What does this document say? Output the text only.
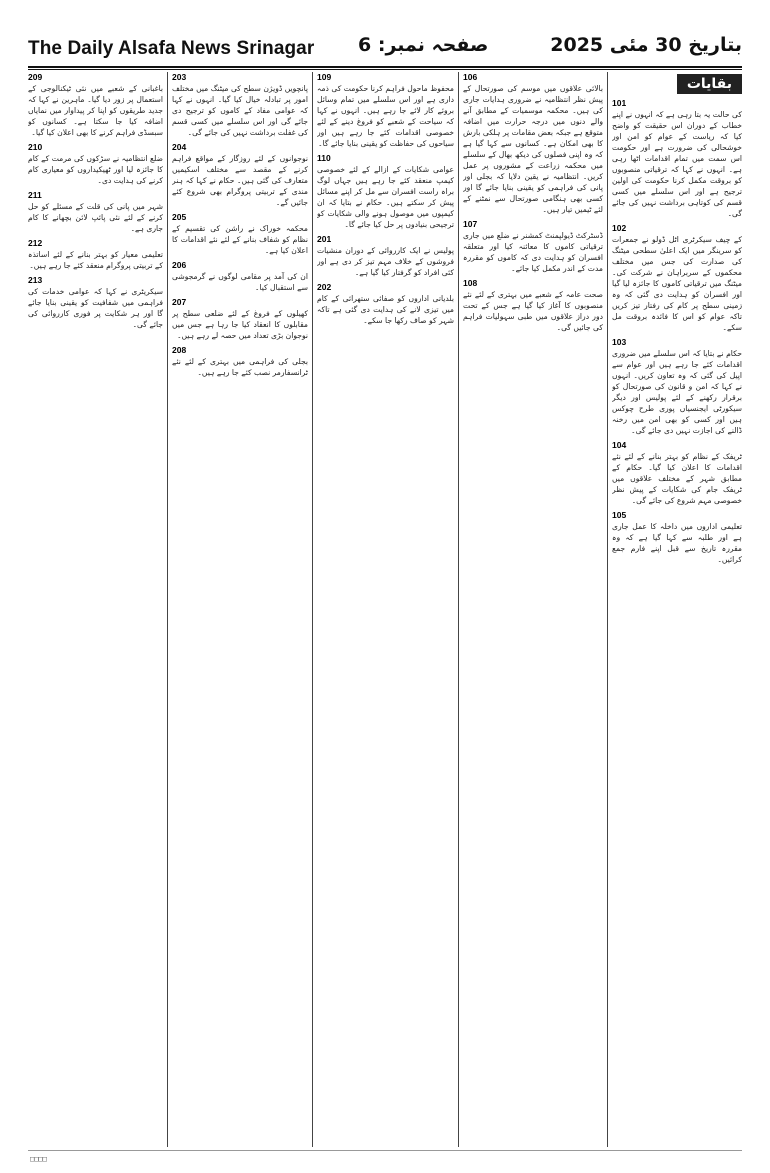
The Daily Alsafa News Srinagar صفحہ نمبر: 6	بتاریخ 30 مئی 2025
بقایات
101
کی حالت یہ بتا رہی ہے کہ انہوں نے اپنے خطاب کے دوران اس حقیقت کو واضح کیا کہ ریاست کے عوام کو امن اور خوشحالی کی ضرورت ہے اور حکومت اس سمت میں تمام اقدامات اٹھا رہی ہے۔ انہوں نے کہا کہ ترقیاتی منصوبوں کو بروقت مکمل کرنا حکومت کی اولین ترجیح ہے اور اس سلسلے میں کسی قسم کی کوتاہی برداشت نہیں کی جائے گی۔
102
کے چیف سیکرٹری اٹل ڈولو نے جمعرات کو سرینگر میں ایک اعلیٰ سطحی میٹنگ کی صدارت کی جس میں مختلف محکموں کے سربراہان نے شرکت کی۔ میٹنگ میں ترقیاتی کاموں کا جائزہ لیا گیا اور افسران کو ہدایت دی گئی کہ وہ زمینی سطح پر کام کی رفتار تیز کریں تاکہ عوام کو اس کا فائدہ بروقت مل سکے۔
103
حکام نے بتایا کہ اس سلسلے میں ضروری اقدامات کئے جا رہے ہیں اور عوام سے اپیل کی گئی کہ وہ تعاون کریں۔ انہوں نے کہا کہ امن و قانون کی صورتحال کو برقرار رکھنے کے لئے پولیس اور دیگر سیکورٹی ایجنسیاں پوری طرح چوکس ہیں اور کسی کو بھی امن میں رخنہ ڈالنے کی اجازت نہیں دی جائے گی۔
104
ٹریفک کے نظام کو بہتر بنانے کے لئے نئے اقدامات کا اعلان کیا گیا۔ حکام کے مطابق شہر کے مختلف علاقوں میں ٹریفک جام کی شکایات کے پیش نظر خصوصی مہم شروع کی جائے گی۔
105
تعلیمی اداروں میں داخلہ کا عمل جاری ہے اور طلبہ سے کہا گیا ہے کہ وہ مقررہ تاریخ سے قبل اپنے فارم جمع کرائیں۔
106
بالائی علاقوں میں موسم کی صورتحال کے پیش نظر انتظامیہ نے ضروری ہدایات جاری کی ہیں۔ محکمہ موسمیات کے مطابق آنے والے دنوں میں درجہ حرارت میں اضافہ متوقع ہے جبکہ بعض مقامات پر ہلکی بارش کا بھی امکان ہے۔ کسانوں سے کہا گیا ہے کہ وہ اپنی فصلوں کی دیکھ بھال کے سلسلے میں محکمہ زراعت کے مشوروں پر عمل کریں۔ انتظامیہ نے یقین دلایا کہ بجلی اور پانی کی فراہمی کو یقینی بنایا جائے گا اور کسی بھی ہنگامی صورتحال سے نمٹنے کے لئے ٹیمیں تیار ہیں۔
107
ڈسٹرکٹ ڈیولپمنٹ کمشنر نے ضلع میں جاری ترقیاتی کاموں کا معائنہ کیا اور متعلقہ افسران کو ہدایت دی کہ کاموں کو مقررہ مدت کے اندر مکمل کیا جائے۔
108
صحت عامہ کے شعبے میں بہتری کے لئے نئے منصوبوں کا آغاز کیا گیا ہے جس کے تحت دور دراز علاقوں میں طبی سہولیات فراہم کی جائیں گی۔
109
محفوظ ماحول فراہم کرنا حکومت کی ذمہ داری ہے اور اس سلسلے میں تمام وسائل بروئے کار لائے جا رہے ہیں۔ انہوں نے کہا کہ سیاحت کے شعبے کو فروغ دینے کے لئے خصوصی اقدامات کئے جا رہے ہیں اور سیاحوں کی حفاظت کو یقینی بنایا جائے گا۔
110
عوامی شکایات کے ازالے کے لئے خصوصی کیمپ منعقد کئے جا رہے ہیں جہاں لوگ براہ راست افسران سے مل کر اپنے مسائل پیش کر سکتے ہیں۔ حکام نے بتایا کہ ان کیمپوں میں موصول ہونے والی شکایات کو ترجیحی بنیادوں پر حل کیا جائے گا۔
201
پولیس نے ایک کارروائی کے دوران منشیات فروشوں کے خلاف مہم تیز کر دی ہے اور کئی افراد کو گرفتار کیا گیا ہے۔
202
بلدیاتی اداروں کو صفائی ستھرائی کے کام میں تیزی لانے کی ہدایت دی گئی ہے تاکہ شہر کو صاف رکھا جا سکے۔
203
پانچویں ڈویژن سطح کی میٹنگ میں مختلف امور پر تبادلہ خیال کیا گیا۔ انہوں نے کہا کہ عوامی مفاد کے کاموں کو ترجیح دی جائے گی اور اس سلسلے میں کسی قسم کی غفلت برداشت نہیں کی جائے گی۔
204
نوجوانوں کے لئے روزگار کے مواقع فراہم کرنے کے مقصد سے مختلف اسکیمیں متعارف کی گئی ہیں۔ حکام نے کہا کہ ہنر مندی کے تربیتی پروگرام بھی شروع کئے جائیں گے۔
205
محکمہ خوراک نے راشن کی تقسیم کے نظام کو شفاف بنانے کے لئے نئے اقدامات کا اعلان کیا ہے۔
206
ان کی آمد پر مقامی لوگوں نے گرمجوشی سے استقبال کیا۔
207
کھیلوں کے فروغ کے لئے ضلعی سطح پر مقابلوں کا انعقاد کیا جا رہا ہے جس میں نوجوان بڑی تعداد میں حصہ لے رہے ہیں۔
208
بجلی کی فراہمی میں بہتری کے لئے نئے ٹرانسفارمر نصب کئے جا رہے ہیں۔
209
باغبانی کے شعبے میں نئی ٹیکنالوجی کے استعمال پر زور دیا گیا۔ ماہرین نے کہا کہ جدید طریقوں کو اپنا کر پیداوار میں نمایاں اضافہ کیا جا سکتا ہے۔ کسانوں کو سبسڈی فراہم کرنے کا بھی اعلان کیا گیا۔
210
ضلع انتظامیہ نے سڑکوں کی مرمت کے کام کا جائزہ لیا اور ٹھیکیداروں کو معیاری کام کرنے کی ہدایت دی۔
211
شہر میں پانی کی قلت کے مسئلے کو حل کرنے کے لئے نئی پائپ لائن بچھانے کا کام جاری ہے۔
212
تعلیمی معیار کو بہتر بنانے کے لئے اساتذہ کے تربیتی پروگرام منعقد کئے جا رہے ہیں۔
213
سیکریٹری نے کہا کہ عوامی خدمات کی فراہمی میں شفافیت کو یقینی بنایا جائے گا اور ہر شکایت پر فوری کارروائی کی جائے گی۔
□□□□
